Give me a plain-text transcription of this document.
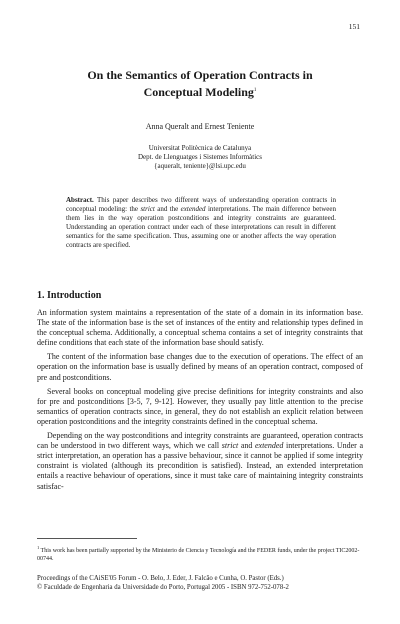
151
On the Semantics of Operation Contracts in
Conceptual Modeling$^1$
Anna Queralt and Ernest Teniente
Universitat Politècnica de Catalunya
Dept. de Llenguatges i Sistemes Informàtics
{aqueralt, teniente}@lsi.upc.edu
Abstract. This paper describes two different ways of understanding operation contracts in conceptual modeling: the strict and the extended interpretations. The main difference between them lies in the way operation postconditions and integrity constraints are guaranteed. Understanding an operation contract under each of these interpretations can result in different semantics for the same specification. Thus, assuming one or another affects the way operation contracts are specified.
1. Introduction

An information system maintains a representation of the state of a domain in its information base. The state of the information base is the set of instances of the entity and relationship types defined in the conceptual schema. Additionally, a conceptual schema contains a set of integrity constraints that define conditions that each state of the information base should satisfy.

The content of the information base changes due to the execution of operations. The effect of an operation on the information base is usually defined by means of an operation contract, composed of pre and postconditions.

Several books on conceptual modeling give precise definitions for integrity constraints and also for pre and postconditions [3-5, 7, 9-12]. However, they usually pay little attention to the precise semantics of operation contracts since, in general, they do not establish an explicit relation between operation postconditions and the integrity constraints defined in the conceptual schema.

Depending on the way postconditions and integrity constraints are guaranteed, operation contracts can be understood in two different ways, which we call strict and extended interpretations. Under a strict interpretation, an operation has a passive behaviour, since it cannot be applied if some integrity constraint is violated (although its precondition is satisfied). Instead, an extended interpretation entails a reactive behaviour of operations, since it must take care of maintaining integrity constraints satisfac-

$^1$ This work has been partially supported by the Ministerio de Ciencia y Tecnología and the FEDER funds, under the project TIC2002-00744.
Proceedings of the CAiSE'05 Forum - O. Belo, J. Eder, J. Falcão e Cunha, O. Pastor (Eds.)
© Faculdade de Engenharia da Universidade do Porto, Portugal 2005 - ISBN 972-752-078-2
